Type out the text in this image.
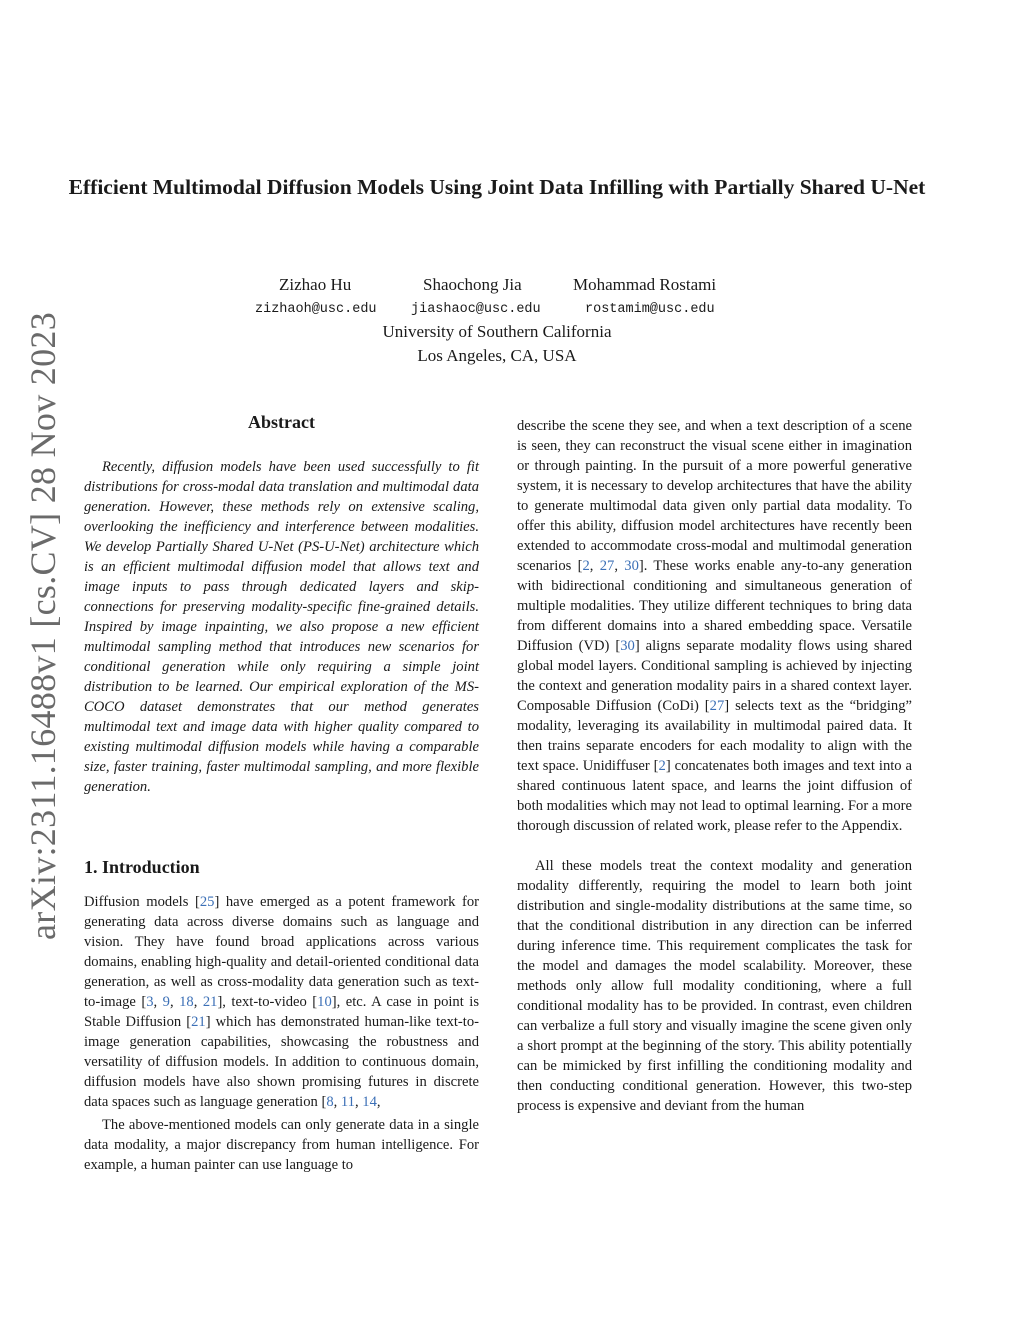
Efficient Multimodal Diffusion Models Using Joint Data Infilling with Partially Shared U-Net
Zizhao Hu	Shaochong Jia	Mohammad Rostami
zizhaoh@usc.edu	jiashaoc@usc.edu	rostamim@usc.edu
University of Southern California
Los Angeles, CA, USA
arXiv:2311.16488v1 [cs.CV] 28 Nov 2023	Abstract

Recently, diffusion models have been used successfully to fit distributions for cross-modal data translation and multimodal data generation. However, these methods rely on extensive scaling, overlooking the inefficiency and interference between modalities. We develop Partially Shared U-Net (PS-U-Net) architecture which is an efficient multimodal diffusion model that allows text and image inputs to pass through dedicated layers and skip-connections for preserving modality-specific fine-grained details. Inspired by image inpainting, we also propose a new efficient multimodal sampling method that introduces new scenarios for conditional generation while only requiring a simple joint distribution to be learned. Our empirical exploration of the MS-COCO dataset demonstrates that our method generates multimodal text and image data with higher quality compared to existing multimodal diffusion models while having a comparable size, faster training, faster multimodal sampling, and more flexible generation.

1. Introduction

Diffusion models [25] have emerged as a potent framework for generating data across diverse domains such as language and vision. They have found broad applications across various domains, enabling high-quality and detail-oriented conditional data generation, as well as cross-modality data generation such as text-to-image [3, 9, 18, 21], text-to-video [10], etc. A case in point is Stable Diffusion [21] which has demonstrated human-like text-to-image generation capabilities, showcasing the robustness and versatility of diffusion models. In addition to continuous domain, diffusion models have also shown promising futures in discrete data spaces such as language generation [8, 11, 14,

The above-mentioned models can only generate data in a single data modality, a major discrepancy from human intelligence. For example, a human painter can use language to

describe the scene they see, and when a text description of a scene is seen, they can reconstruct the visual scene either in imagination or through painting. In the pursuit of a more powerful generative system, it is necessary to develop architectures that have the ability to generate multimodal data given only partial data modality. To offer this ability, diffusion model architectures have recently been extended to accommodate cross-modal and multimodal generation scenarios [2, 27, 30]. These works enable any-to-any generation with bidirectional conditioning and simultaneous generation of multiple modalities. They utilize different techniques to bring data from different domains into a shared embedding space. Versatile Diffusion (VD) [30] aligns separate modality flows using shared global model layers. Conditional sampling is achieved by injecting the context and generation modality pairs in a shared context layer. Composable Diffusion (CoDi) [27] selects text as the “bridging” modality, leveraging its availability in multimodal paired data. It then trains separate encoders for each modality to align with the text space. Unidiffuser [2] concatenates both images and text into a shared continuous latent space, and learns the joint diffusion of both modalities which may not lead to optimal learning. For a more thorough discussion of related work, please refer to the Appendix.

All these models treat the context modality and generation modality differently, requiring the model to learn both joint distribution and single-modality distributions at the same time, so that the conditional distribution in any direction can be inferred during inference time. This requirement complicates the task for the model and damages the model scalability. Moreover, these methods only allow full modality conditioning, where a full conditional modality has to be provided. In contrast, even children can verbalize a full story and visually imagine the scene given only a short prompt at the beginning of the story. This ability potentially can be mimicked by first infilling the conditioning modality and then conducting conditional generation. However, this two-step process is expensive and deviant from the human
